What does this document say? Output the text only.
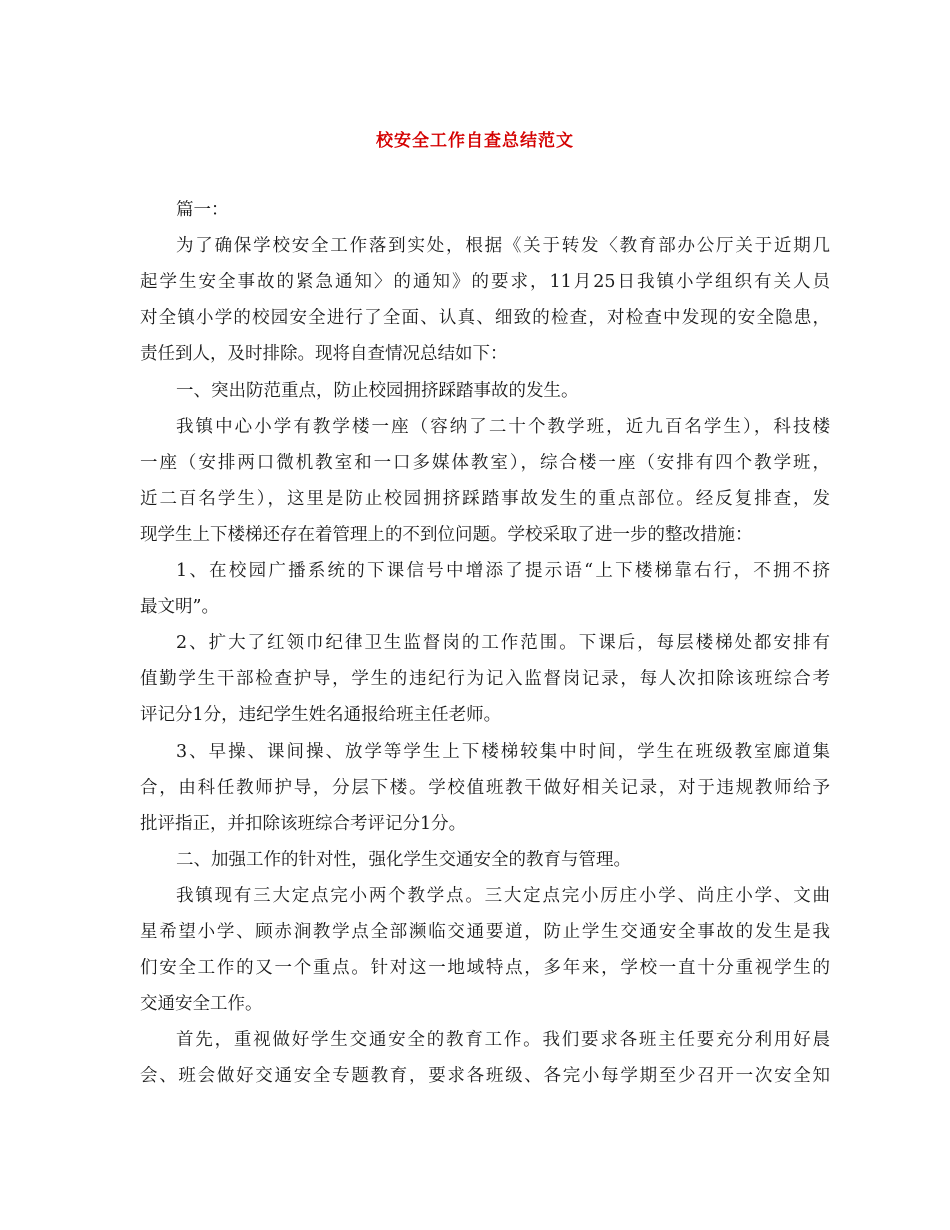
校安全工作自查总结范文

篇一：

为了确保学校安全工作落到实处，根据《关于转发〈教育部办公厅关于近期几

起学生安全事故的紧急通知〉的通知》的要求，11月25日我镇小学组织有关人员

对全镇小学的校园安全进行了全面、认真、细致的检查，对检查中发现的安全隐患，

责任到人，及时排除。现将自查情况总结如下：

一、突出防范重点，防止校园拥挤踩踏事故的发生。

我镇中心小学有教学楼一座（容纳了二十个教学班，近九百名学生），科技楼

一座（安排两口微机教室和一口多媒体教室），综合楼一座（安排有四个教学班，

近二百名学生），这里是防止校园拥挤踩踏事故发生的重点部位。经反复排查，发

现学生上下楼梯还存在着管理上的不到位问题。学校采取了进一步的整改措施：

1、在校园广播系统的下课信号中增添了提示语“上下楼梯靠右行，不拥不挤

最文明”。

2、扩大了红领巾纪律卫生监督岗的工作范围。下课后，每层楼梯处都安排有

值勤学生干部检查护导，学生的违纪行为记入监督岗记录，每人次扣除该班综合考

评记分1分，违纪学生姓名通报给班主任老师。

3、早操、课间操、放学等学生上下楼梯较集中时间，学生在班级教室廊道集

合，由科任教师护导，分层下楼。学校值班教干做好相关记录，对于违规教师给予

批评指正，并扣除该班综合考评记分1分。

二、加强工作的针对性，强化学生交通安全的教育与管理。

我镇现有三大定点完小两个教学点。三大定点完小厉庄小学、尚庄小学、文曲

星希望小学、顾赤涧教学点全部濒临交通要道，防止学生交通安全事故的发生是我

们安全工作的又一个重点。针对这一地域特点，多年来，学校一直十分重视学生的

交通安全工作。

首先，重视做好学生交通安全的教育工作。我们要求各班主任要充分利用好晨

会、班会做好交通安全专题教育，要求各班级、各完小每学期至少召开一次安全知
